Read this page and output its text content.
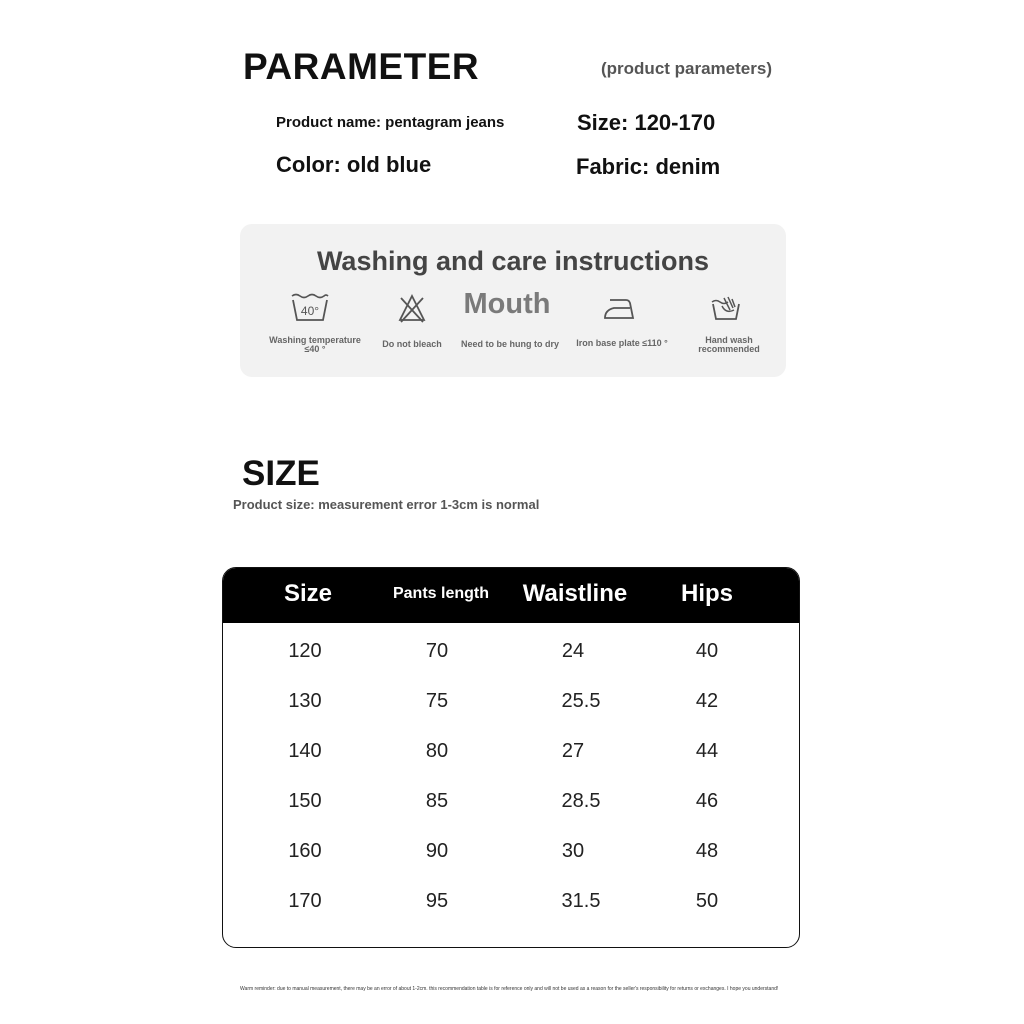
PARAMETER	(product parameters)
Product name: pentagram jeans	Size: 120-170
Color: old blue	Fabric: denim
Washing and care instructions
Mouth
40°
Washing temperature
≤40 °	Do not bleach	Need to be hung to dry	Iron base plate ≤110 °	Hand wash
recommended
SIZE
Product size: measurement error 1-3cm is normal
Size	Pants length	Waistline	Hips
120	70	24	40
130	75	25.5	42
140	80	27	44
150	85	28.5	46
160	90	30	48
170	95	31.5	50
Warm reminder: due to manual measurement, there may be an error of about 1-2cm. this recommendation table is for reference only and will not be used as a reason for the seller's responsibility for returns or exchanges. I hope you understand!
